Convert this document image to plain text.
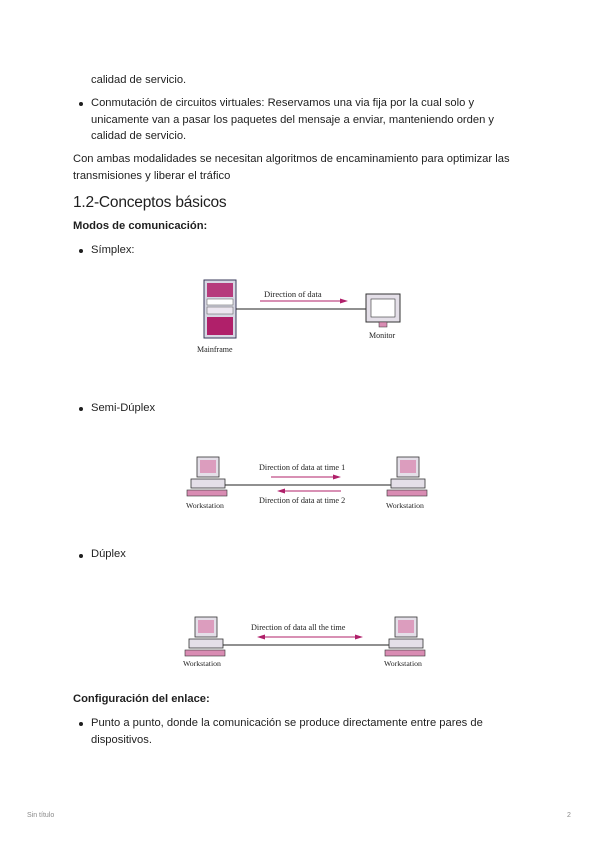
calidad de servicio.
Conmutación de circuitos virtuales: Reservamos una via fija por la cual solo y unicamente van a pasar los paquetes del mensaje a enviar, manteniendo orden y calidad de servicio.
Con ambas modalidades se necesitan algoritmos de encaminamiento para optimizar las transmisiones y liberar el tráfico
1.2-Conceptos básicos
Modos de comunicación:
Símplex:
Direction of data
Mainframe
Monitor
Semi-Dúplex
Direction of data at time 1
Direction of data at time 2
Workstation	Workstation
Dúplex
Direction of data all the time
Workstation	Workstation
Configuración del enlace:
Punto a punto, donde la comunicación se produce directamente entre pares de dispositivos.
Sin título	2
